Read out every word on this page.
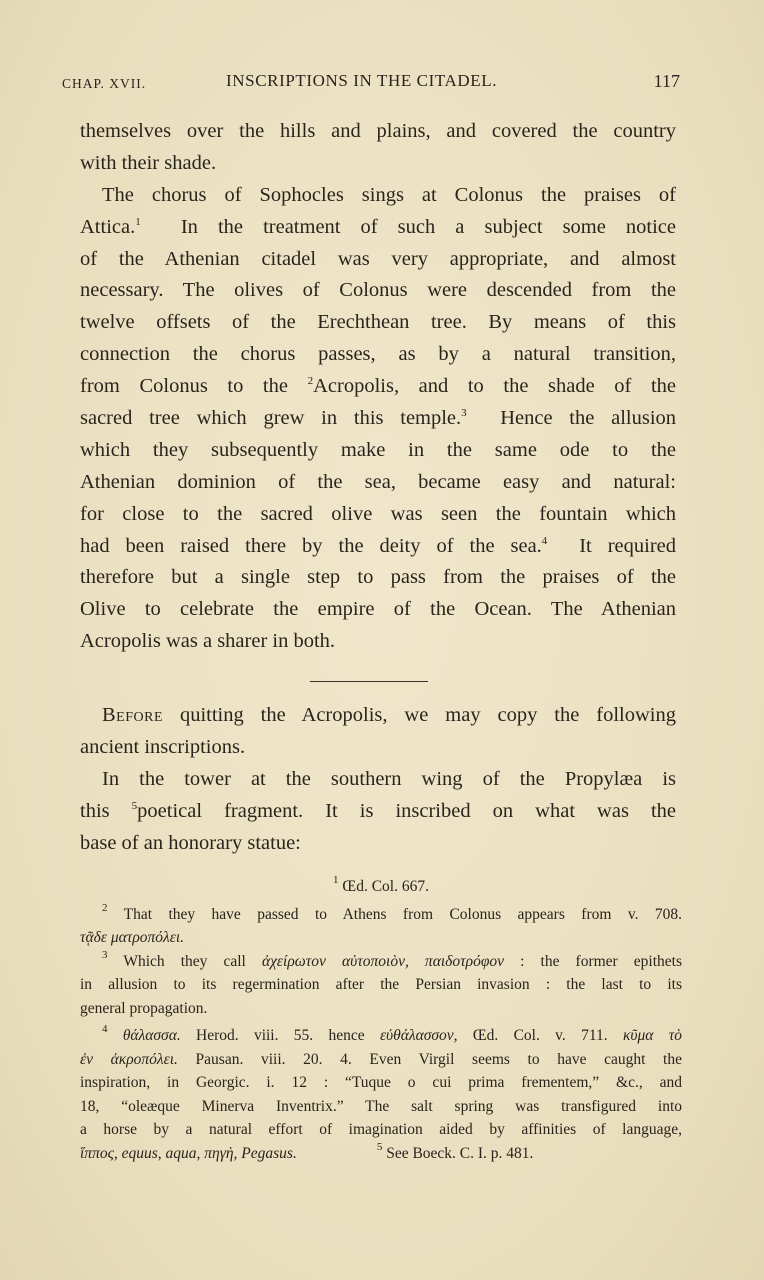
CHAP. XVII.	INSCRIPTIONS IN THE CITADEL.	117
themselves over the hills and plains, and covered the country
with their shade.
The chorus of Sophocles sings at Colonus the praises of
Attica.$^1$ In the treatment of such a subject some notice
of the Athenian citadel was very appropriate, and almost
necessary. The olives of Colonus were descended from the
twelve offsets of the Erechthean tree. By means of this
connection the chorus passes, as by a natural transition,
from Colonus to the $^2$Acropolis, and to the shade of the
sacred tree which grew in this temple.$^3$ Hence the allusion
which they subsequently make in the same ode to the
Athenian dominion of the sea, became easy and natural:
for close to the sacred olive was seen the fountain which
had been raised there by the deity of the sea.$^4$ It required
therefore but a single step to pass from the praises of the
Olive to celebrate the empire of the Ocean. The Athenian
Acropolis was a sharer in both.
Before quitting the Acropolis, we may copy the following
ancient inscriptions.
In the tower at the southern wing of the Propylæa is
this $^5$poetical fragment. It is inscribed on what was the
base of an honorary statue:
$^1$ Œd. Col. 667.
$^2$ That they have passed to Athens from Colonus appears from v. 708.
τᾷδε ματροπόλει.
$^3$ Which they call ἀχείρωτον αὐτοποιὸν, παιδοτρόφον : the former epithets
in allusion to its regermination after the Persian invasion : the last to its
general propagation.
$^4$ θάλασσα. Herod. viii. 55. hence εὐθάλασσον, Œd. Col. v. 711. κῦμα τὸ
ἐν ἀκροπόλει. Pausan. viii. 20. 4. Even Virgil seems to have caught the
inspiration, in Georgic. i. 12 : “Tuque o cui prima frementem,” &c., and
18, “oleæque Minerva Inventrix.” The salt spring was transfigured into
a horse by a natural effort of imagination aided by affinities of language,
ἵππος, equus, aqua, πηγὴ, Pegasus.	$^5$ See Boeck. C. I. p. 481.
